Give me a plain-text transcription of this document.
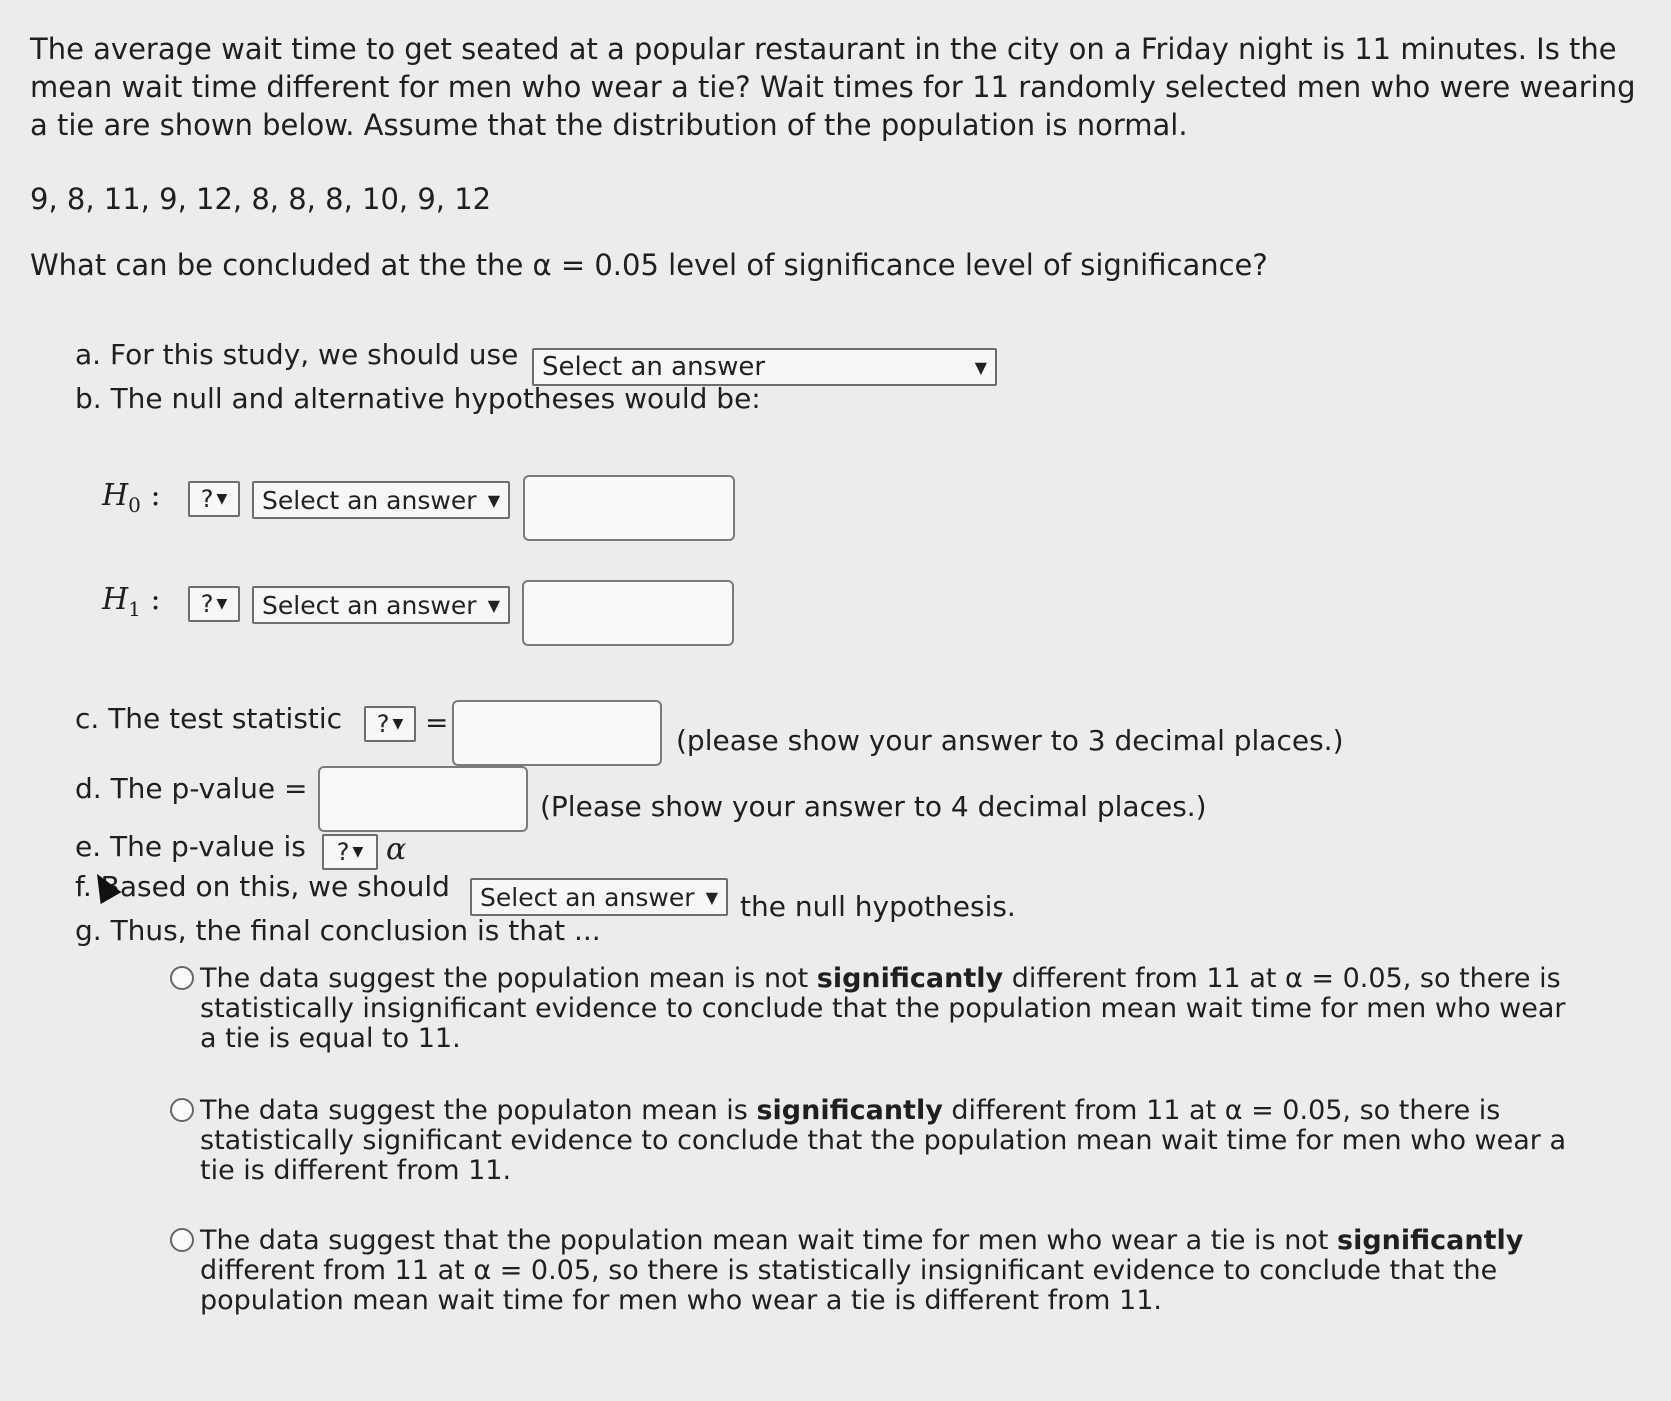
The average wait time to get seated at a popular restaurant in the city on a Friday night is 11 minutes. Is the mean wait time different for men who wear a tie? Wait times for 11 randomly selected men who were wearing a tie are shown below. Assume that the distribution of the population is normal.
9, 8, 11, 9, 12, 8, 8, 8, 10, 9, 12
What can be concluded at the the α = 0.05 level of significance level of significance?
a. For this study, we should use Select an answer	▼
b. The null and alternative hypotheses would be:
$H_0$ : ? ▼ Select an answer ▼
$H_1$ : ? ▼ Select an answer ▼
c. The test statistic ? ▼ =
(please show your answer to 3 decimal places.)
d. The p-value =
(Please show your answer to 4 decimal places.)
e. The p-value is ? ▼ α
f. Based on this, we should Select an answer ▼ the null hypothesis.
g. Thus, the final conclusion is that ...
The data suggest the population mean is not significantly different from 11 at α = 0.05, so there is statistically insignificant evidence to conclude that the population mean wait time for men who wear a tie is equal to 11.
The data suggest the populaton mean is significantly different from 11 at α = 0.05, so there is statistically significant evidence to conclude that the population mean wait time for men who wear a tie is different from 11.
The data suggest that the population mean wait time for men who wear a tie is not significantly different from 11 at α = 0.05, so there is statistically insignificant evidence to conclude that the population mean wait time for men who wear a tie is different from 11.
